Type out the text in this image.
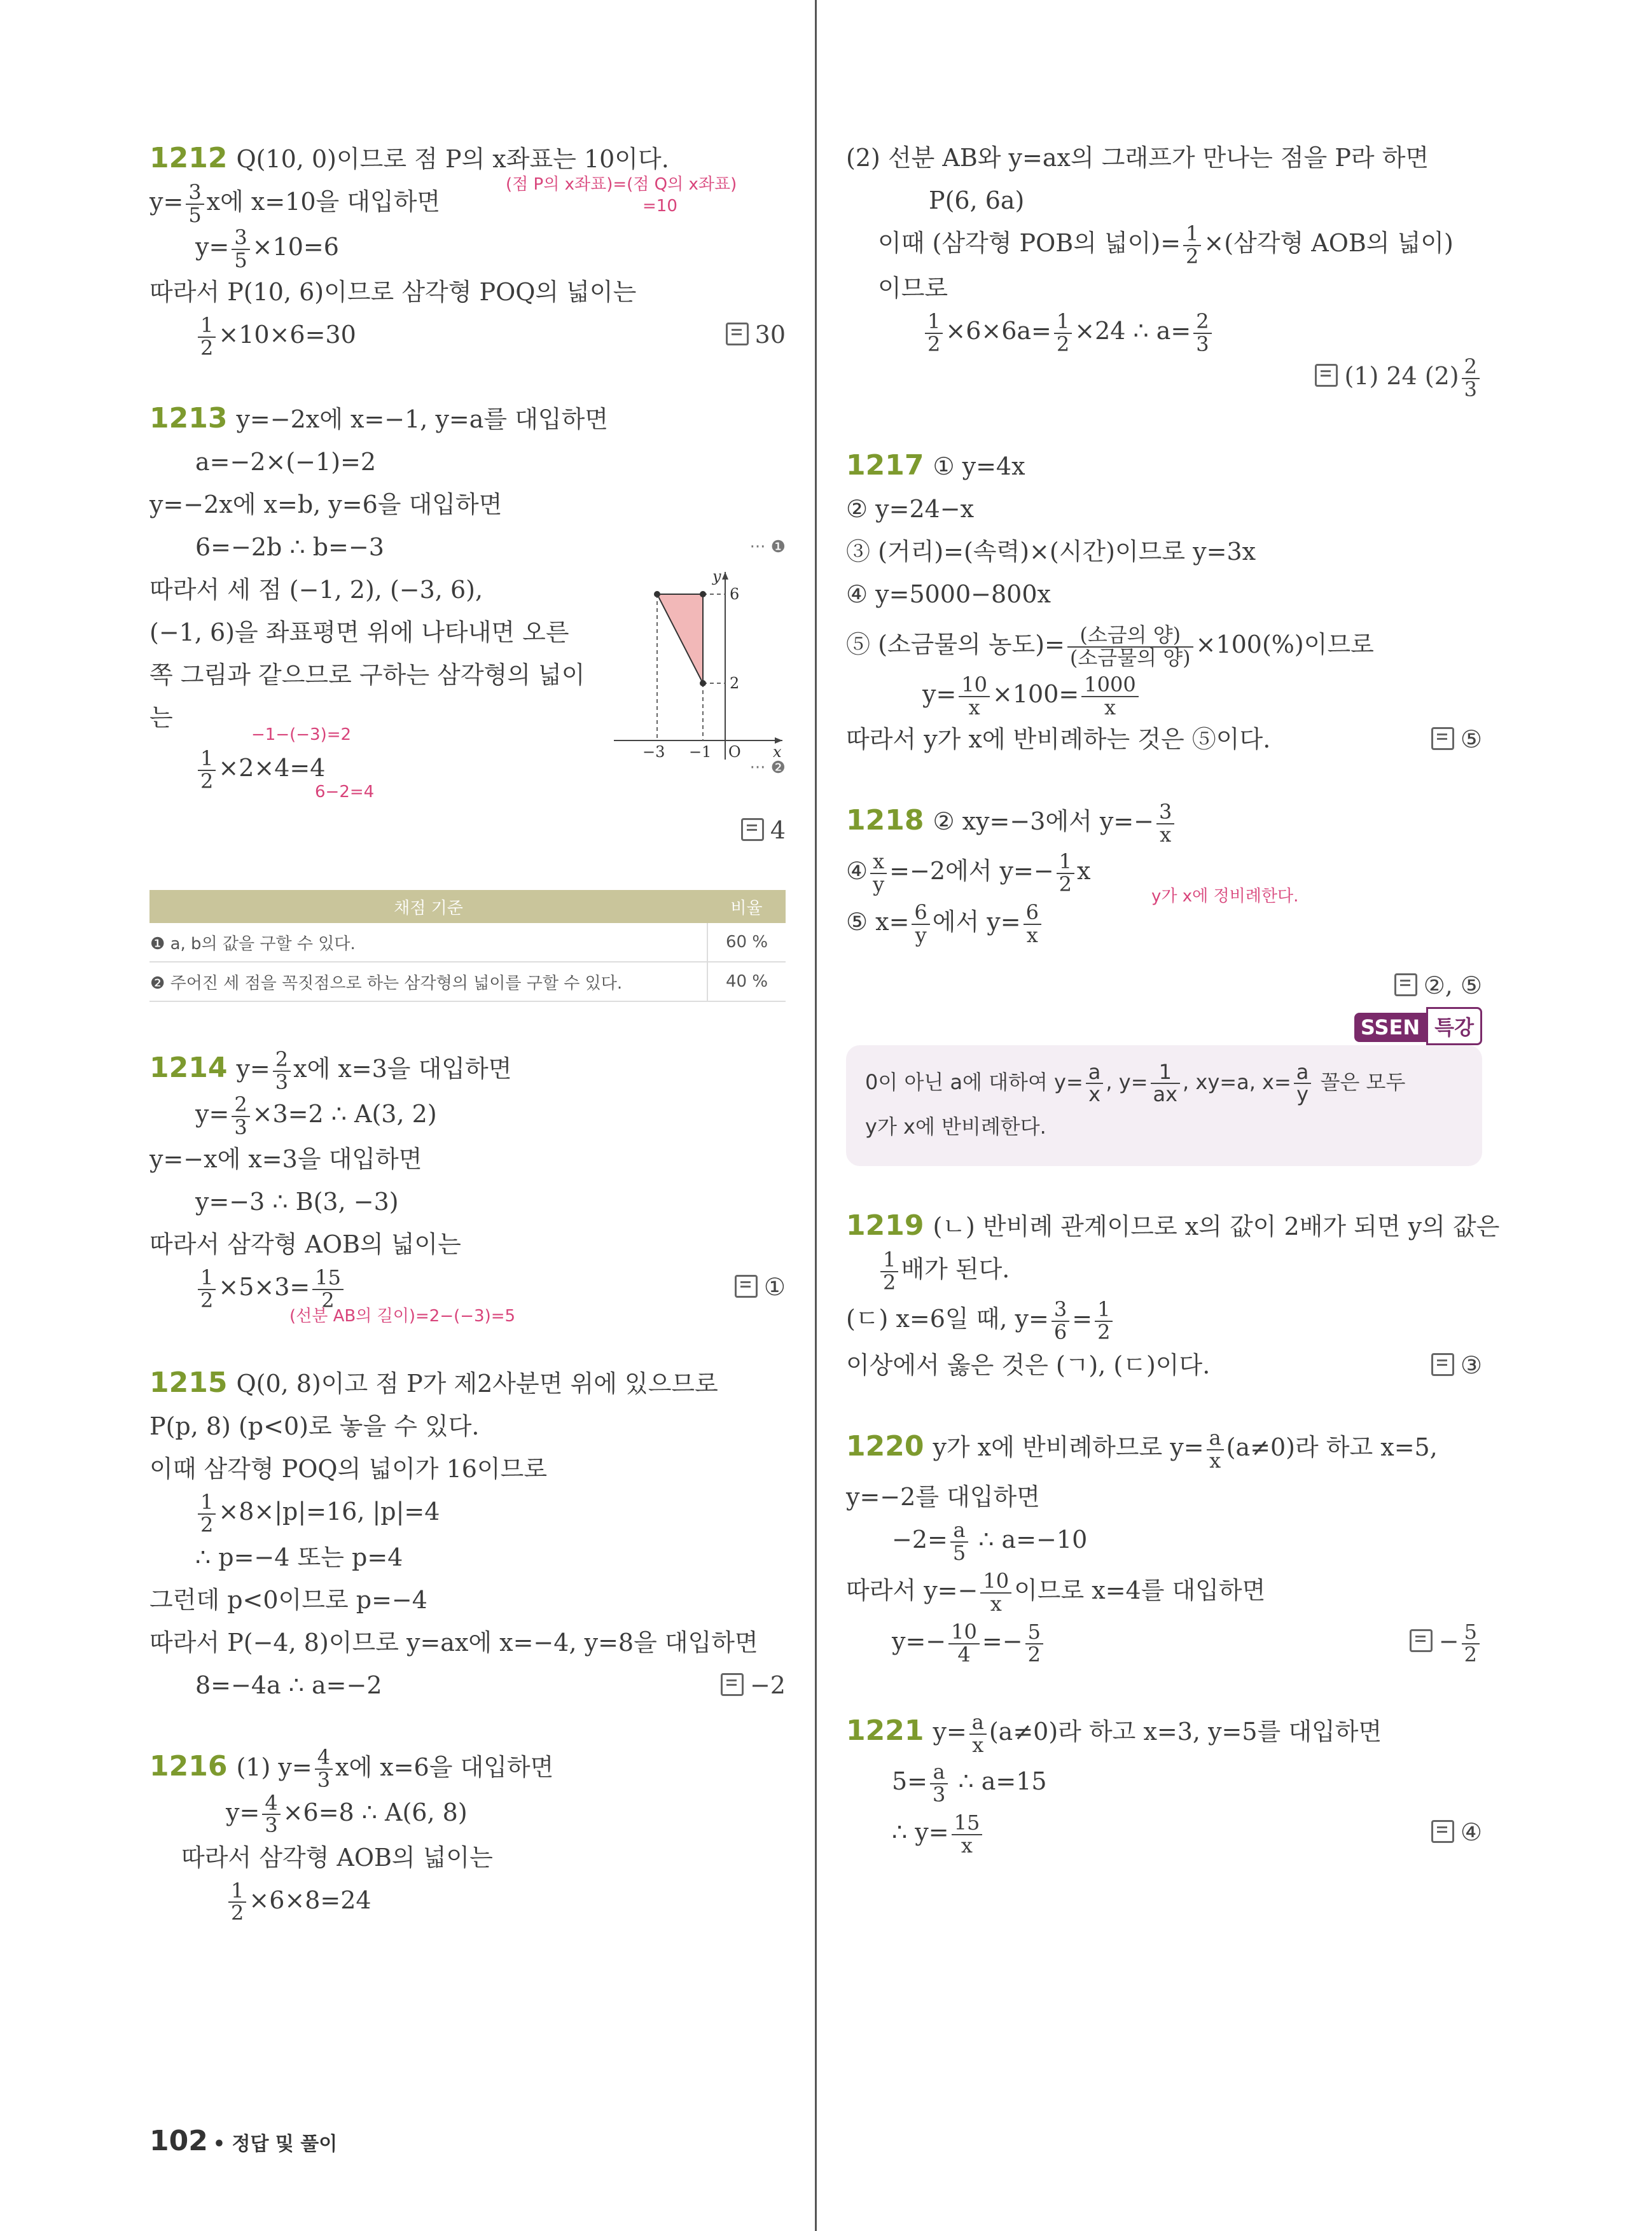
1212 Q(10, 0)이므로 점 P의 x좌표는 10이다.
$y= \frac{3}{5}$ x에 x=10을 대입하면
(점 P의 x좌표)=(점 Q의 x좌표)
=10
$y= \frac{3}{5} \times 10=6$
따라서 P(10, 6)이므로 삼각형 POQ의 넓이는
$\frac{1}{2} \times 10\times 6=30$	30
1213 y=−2x에 x=−1, y=a를 대입하면
a=−2×(−1)=2
y=−2x에 x=b, y=6을 대입하면
6=−2b ∴ b=−3	··· ❶
따라서 세 점 (−1, 2), (−3, 6),
(−1, 6)을 좌표평면 위에 나타내면 오른
쪽 그림과 같으므로 구하는 삼각형의 넓이
는
y
x
O
6
2
−3 −1
−1−(−3)=2
$\frac{1}{2} \times 2\times 4=4$
6−2=4
··· ❷
4
채점 기준	비율
❶ a, b의 값을 구할 수 있다.	60 %
❷ 주어진 세 점을 꼭짓점으로 하는 삼각형의 넓이를 구할 수 있다.	40 %
1214 $y= \frac{2}{3}$ x에 x=3을 대입하면
$y= \frac{2}{3} \times 3=2$ ∴ A(3, 2)
y=−x에 x=3을 대입하면
y=−3 ∴ B(3, −3)
따라서 삼각형 AOB의 넓이는
$\frac{1}{2} \times 5\times 3= \frac{15}{2}$
(선분 AB의 길이)=2−(−3)=5
①
1215 Q(0, 8)이고 점 P가 제2사분면 위에 있으므로
P(p, 8) (p<0)로 놓을 수 있다.
이때 삼각형 POQ의 넓이가 16이므로
$\frac{1}{2} \times 8\times|p|=16$, |p|=4
∴ p=−4 또는 p=4
그런데 p<0이므로 p=−4
따라서 P(−4, 8)이므로 y=ax에 x=−4, y=8을 대입하면
8=−4a ∴ a=−2	−2
1216 (1) $y= \frac{4}{3}$ x에 x=6을 대입하면
$y= \frac{4}{3} \times 6=8$ ∴ A(6, 8)
따라서 삼각형 AOB의 넓이는
$\frac{1}{2} \times 6\times 8=24$
(2) 선분 AB와 y=ax의 그래프가 만나는 점을 P라 하면
P(6, 6a)
이때 (삼각형 POB의 넓이)= $\frac{1}{2}$ ×(삼각형 AOB의 넓이)
이므로
$\frac{1}{2} \times 6\times 6a= \frac{1}{2} \times 24$ ∴ $a= \frac{2}{3}$
(1) 24 $(2) \frac{2}{3}$
1217 ① y=4x
② y=24−x
③ (거리)=(속력)×(시간)이므로 y=3x
④ y=5000−800x
⑤ (소금물의 농도)= $\frac{\text{(소금의 양)}}{\text{(소금물의 양)}} \times 100(\%)$이므로
$y= \frac{10}{x} \times 100= \frac{1000}{x}$
따라서 y가 x에 반비례하는 것은 ⑤이다.	⑤
1218 ② xy=−3에서 $y=- \frac{3}{x}$
④ $\frac{x}{y} =-2$에서 $y=- \frac{1}{2}$ x
y가 x에 정비례한다.
⑤ $x= \frac{6}{y}$ 에서 $y= \frac{6}{x}$
②, ⑤
SSEN 특강
0이 아닌 a에 대하여 $y= \frac{a}{x}$ , $y= \frac{1}{ax}$ , xy=a, $x= \frac{a}{y}$ 꼴은 모두
y가 x에 반비례한다.
1219 (ㄴ) 반비례 관계이므로 x의 값이 2배가 되면 y의 값은
$\frac{1}{2}$ 배가 된다.
(ㄷ) x=6일 때, $y= \frac{3}{6} = \frac{1}{2}$
이상에서 옳은 것은 (ㄱ), (ㄷ)이다.	③
1220 y가 x에 반비례하므로 $y= \frac{a}{x} (a\ne 0)$라 하고 x=5,
y=−2를 대입하면
$-2= \frac{a}{5}$ ∴ a=−10
따라서 $y=- \frac{10}{x}$ 이므로 x=4를 대입하면
$y=- \frac{10}{4} =- \frac{5}{2}$	− $\frac{5}{2}$
1221 $y= \frac{a}{x} (a\ne 0)$라 하고 x=3, y=5를 대입하면
$5= \frac{a}{3}$ ∴ a=15
∴ $y= \frac{15}{x}$	④
102 • 정답 및 풀이
